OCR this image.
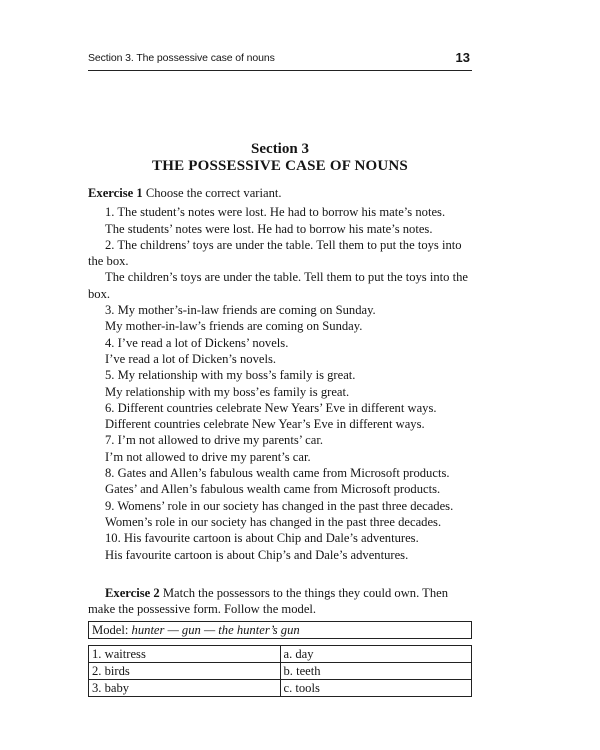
Section 3. The possessive case of nouns	13
Section 3
THE POSSESSIVE CASE OF NOUNS

Exercise 1 Choose the correct variant.

1. The student’s notes were lost. He had to borrow his mate’s notes.

The students’ notes were lost. He had to borrow his mate’s notes.

2. The childrens’ toys are under the table. Tell them to put the toys into the box.

The children’s toys are under the table. Tell them to put the toys into the box.

3. My mother’s-in-law friends are coming on Sunday.

My mother-in-law’s friends are coming on Sunday.

4. I’ve read a lot of Dickens’ novels.

I’ve read a lot of Dicken’s novels.

5. My relationship with my boss’s family is great.

My relationship with my boss’es family is great.

6. Different countries celebrate New Years’ Eve in different ways.

Different countries celebrate New Year’s Eve in different ways.

7. I’m not allowed to drive my parents’ car.

I’m not allowed to drive my parent’s car.

8. Gates and Allen’s fabulous wealth came from Microsoft products.

Gates’ and Allen’s fabulous wealth came from Microsoft products.

9. Womens’ role in our society has changed in the past three decades.

Women’s role in our society has changed in the past three decades.

10. His favourite cartoon is about Chip and Dale’s adventures.

His favourite cartoon is about Chip’s and Dale’s adventures.

Exercise 2 Match the possessors to the things they could own. Then make the possessive form. Follow the model.

Model: hunter — gun — the hunter’s gun
1. waitress	a. day
2. birds	b. teeth
3. baby	c. tools
